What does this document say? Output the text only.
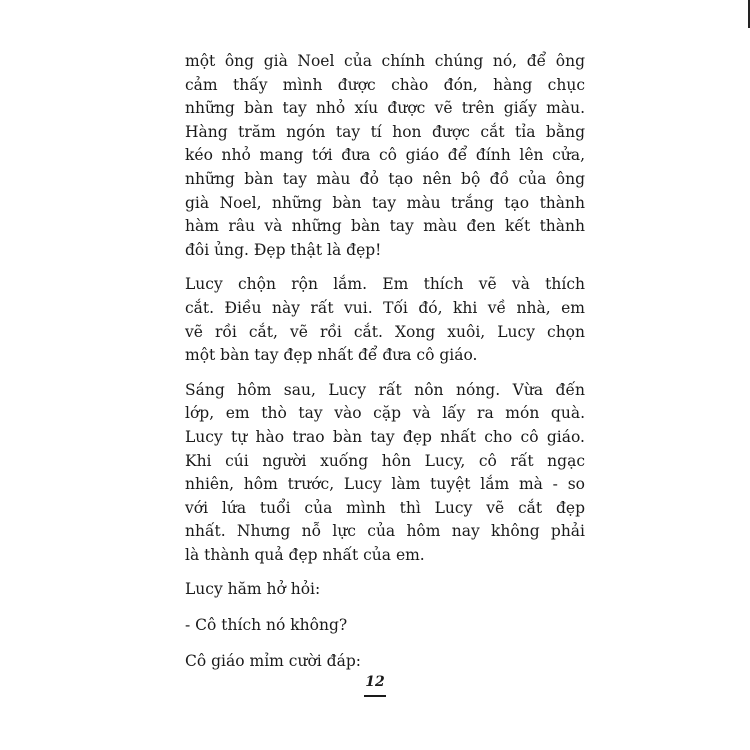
một ông già Noel của chính chúng nó, để ông
cảm thấy mình được chào đón, hàng chục
những bàn tay nhỏ xíu được vẽ trên giấy màu.
Hàng trăm ngón tay tí hon được cắt tỉa bằng
kéo nhỏ mang tới đưa cô giáo để đính lên cửa,
những bàn tay màu đỏ tạo nên bộ đồ của ông
già Noel, những bàn tay màu trắng tạo thành
hàm râu và những bàn tay màu đen kết thành
đôi ủng. Đẹp thật là đẹp!
Lucy chộn rộn lắm. Em thích vẽ và thích
cắt. Điều này rất vui. Tối đó, khi về nhà, em
vẽ rồi cắt, vẽ rồi cắt. Xong xuôi, Lucy chọn
một bàn tay đẹp nhất để đưa cô giáo.
Sáng hôm sau, Lucy rất nôn nóng. Vừa đến
lớp, em thò tay vào cặp và lấy ra món quà.
Lucy tự hào trao bàn tay đẹp nhất cho cô giáo.
Khi cúi người xuống hôn Lucy, cô rất ngạc
nhiên, hôm trước, Lucy làm tuyệt lắm mà - so
với lứa tuổi của mình thì Lucy vẽ cắt đẹp
nhất. Nhưng nỗ lực của hôm nay không phải
là thành quả đẹp nhất của em.
Lucy hăm hở hỏi:
- Cô thích nó không?
Cô giáo mỉm cười đáp:
12
